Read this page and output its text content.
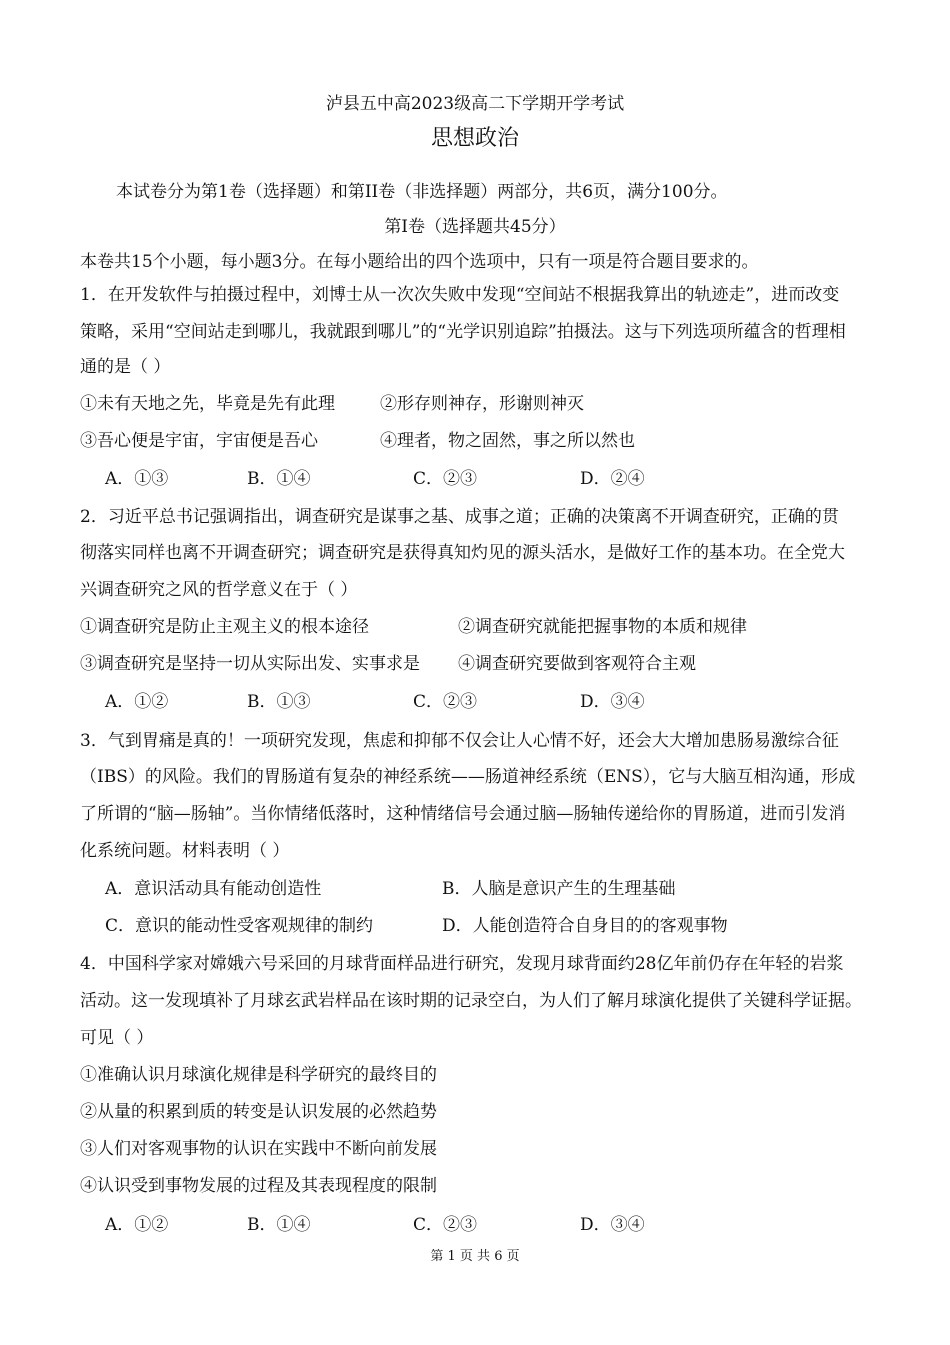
泸县五中高2023级高二下学期开学考试
思想政治
本试卷分为第1卷（选择题）和第II卷（非选择题）两部分，共6页，满分100分。
第I卷（选择题共45分）
本卷共15个小题，每小题3分。在每小题给出的四个选项中，只有一项是符合题目要求的。
1．在开发软件与拍摄过程中，刘博士从一次次失败中发现“空间站不根据我算出的轨迹走”，进而改变
策略，采用“空间站走到哪儿，我就跟到哪儿”的“光学识别追踪”拍摄法。这与下列选项所蕴含的哲理相
通的是（ ）
①未有天地之先，毕竟是先有此理	②形存则神存，形谢则神灭
③吾心便是宇宙，宇宙便是吾心	④理者，物之固然，事之所以然也
A．①③	B．①④	C．②③	D．②④
2．习近平总书记强调指出，调查研究是谋事之基、成事之道；正确的决策离不开调查研究，正确的贯
彻落实同样也离不开调查研究；调查研究是获得真知灼见的源头活水，是做好工作的基本功。在全党大
兴调查研究之风的哲学意义在于（ ）
①调查研究是防止主观主义的根本途径	②调查研究就能把握事物的本质和规律
③调查研究是坚持一切从实际出发、实事求是 ④调查研究要做到客观符合主观
A．①②	B．①③	C．②③	D．③④
3．气到胃痛是真的！一项研究发现，焦虑和抑郁不仅会让人心情不好，还会大大增加患肠易激综合征
（IBS）的风险。我们的胃肠道有复杂的神经系统——肠道神经系统（ENS），它与大脑互相沟通，形成
了所谓的“脑—肠轴”。当你情绪低落时，这种情绪信号会通过脑—肠轴传递给你的胃肠道，进而引发消
化系统问题。材料表明（ ）
A．意识活动具有能动创造性	B．人脑是意识产生的生理基础
C．意识的能动性受客观规律的制约	D．人能创造符合自身目的的客观事物
4．中国科学家对嫦娥六号采回的月球背面样品进行研究，发现月球背面约28亿年前仍存在年轻的岩浆
活动。这一发现填补了月球玄武岩样品在该时期的记录空白，为人们了解月球演化提供了关键科学证据。
可见（ ）
①准确认识月球演化规律是科学研究的最终目的
②从量的积累到质的转变是认识发展的必然趋势
③人们对客观事物的认识在实践中不断向前发展
④认识受到事物发展的过程及其表现程度的限制
A．①②	B．①④	C．②③	D．③④
第 1 页 共 6 页
